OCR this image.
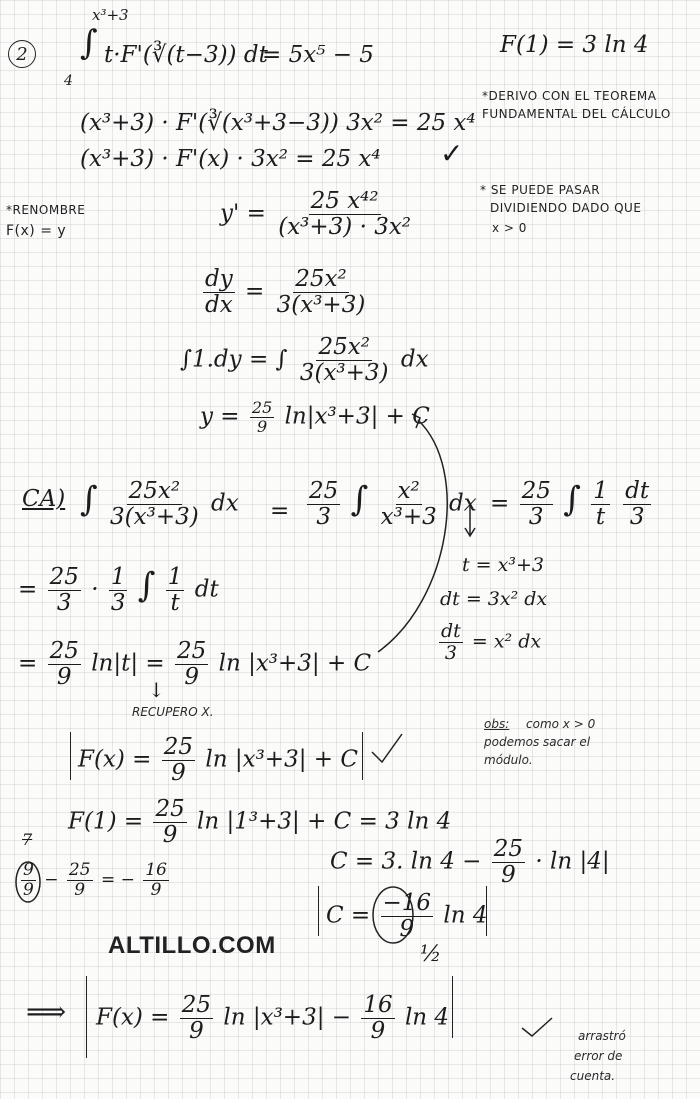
2
x³+3
∫
4
t·F'(∛(t−3)) dt
= 5x⁵ − 5	F(1) = 3 ln 4
*DERIVO CON EL TEOREMA
FUNDAMENTAL DEL CÁLCULO
*RENOMBRE
F(x) = y
* SE PUEDE PASAR
DIVIDIENDO DADO QUE
x > 0
(x³+3) · F'(∛(x³+3−3)) 3x² = 25 x⁴
(x³+3) · F'(x) · 3x² = 25 x⁴ ✓
$y' = \frac{\text{25 x⁴²}}{\text{(x³+3) · 3x²}}$
$\frac{dy}{dx} = \frac{\text{25x²}}{\text{3(x³+3)}}$
∫1.dy = ∫ $\frac{\text{25x²}}{\text{3(x³+3)}}$ dx
$y = \frac{25}{9} \ln|x^3+3| + C$
CA) ∫ $\frac{\text{25x²}}{\text{3(x³+3)}}$ dx = $\frac{25}{3}$ ∫ $\frac{\text{x²}}{\text{x³+3}}$ dx = $\frac{25}{3}$ ∫ $\frac{1}{t}$
$\frac{dt}{3}$
t = x³+3
dt = 3x² dx
$\frac{dt}{3} = x^2$ dx
= $\frac{25}{3} \cdot \frac{1}{3}$ ∫ $\frac{1}{t}$ dt
= $\frac{25}{9} \ln|t| = \frac{25}{9}$ ln |x³+3| + C
↓
RECUPERO X.
obs: como x > 0
podemos sacar el
módulo.
$F(x) = \frac{25}{9}$ ln |x³+3| + C
$F(1) = \frac{25}{9}$ ln |1³+3| + C = 3 ln 4
C = 3. $\ln 4 - \frac{25}{9} \cdot \ln |4|$
$C = \frac{-16}{9}$ ln 4
½
7
$\frac{9}{9} - \frac{25}{9}$ = − $\frac{16}{9}$
ALTILLO.COM
⟹ $F(x) = \frac{25}{9}$ $\ln |x^3+3| - \frac{16}{9}$ ln 4
arrastró
error de
cuenta.
